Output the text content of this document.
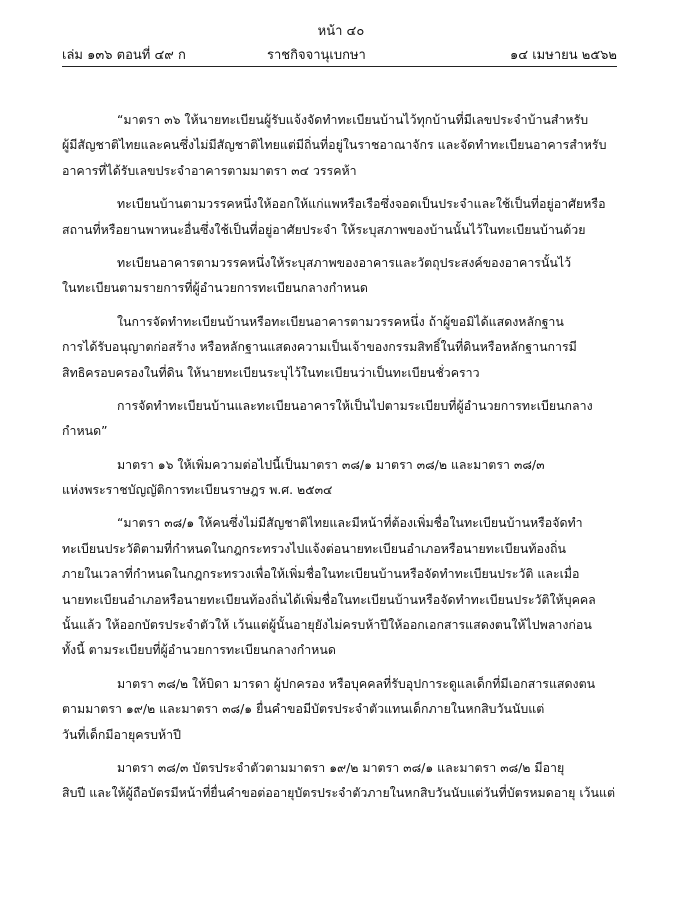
หน้า ๔๐
เล่ม ๑๓๖ ตอนที่ ๔๙ ก	ราชกิจจานุเบกษา	๑๔ เมษายน ๒๕๖๒
“มาตรา ๓๖ ให้นายทะเบียนผู้รับแจ้งจัดทำทะเบียนบ้านไว้ทุกบ้านที่มีเลขประจำบ้านสำหรับ
ผู้มีสัญชาติไทยและคนซึ่งไม่มีสัญชาติไทยแต่มีถิ่นที่อยู่ในราชอาณาจักร และจัดทำทะเบียนอาคารสำหรับ
อาคารที่ได้รับเลขประจำอาคารตามมาตรา ๓๔ วรรคห้า
ทะเบียนบ้านตามวรรคหนึ่งให้ออกให้แก่แพหรือเรือซึ่งจอดเป็นประจำและใช้เป็นที่อยู่อาศัยหรือ
สถานที่หรือยานพาหนะอื่นซึ่งใช้เป็นที่อยู่อาศัยประจำ ให้ระบุสภาพของบ้านนั้นไว้ในทะเบียนบ้านด้วย
ทะเบียนอาคารตามวรรคหนึ่งให้ระบุสภาพของอาคารและวัตถุประสงค์ของอาคารนั้นไว้
ในทะเบียนตามรายการที่ผู้อำนวยการทะเบียนกลางกำหนด
ในการจัดทำทะเบียนบ้านหรือทะเบียนอาคารตามวรรคหนึ่ง ถ้าผู้ขอมิได้แสดงหลักฐาน
การได้รับอนุญาตก่อสร้าง หรือหลักฐานแสดงความเป็นเจ้าของกรรมสิทธิ์ในที่ดินหรือหลักฐานการมี
สิทธิครอบครองในที่ดิน ให้นายทะเบียนระบุไว้ในทะเบียนว่าเป็นทะเบียนชั่วคราว
การจัดทำทะเบียนบ้านและทะเบียนอาคารให้เป็นไปตามระเบียบที่ผู้อำนวยการทะเบียนกลาง
กำหนด”
มาตรา ๑๖ ให้เพิ่มความต่อไปนี้เป็นมาตรา ๓๘/๑ มาตรา ๓๘/๒ และมาตรา ๓๘/๓
แห่งพระราชบัญญัติการทะเบียนราษฎร พ.ศ. ๒๕๓๔
“มาตรา ๓๘/๑ ให้คนซึ่งไม่มีสัญชาติไทยและมีหน้าที่ต้องเพิ่มชื่อในทะเบียนบ้านหรือจัดทำ
ทะเบียนประวัติตามที่กำหนดในกฎกระทรวงไปแจ้งต่อนายทะเบียนอำเภอหรือนายทะเบียนท้องถิ่น
ภายในเวลาที่กำหนดในกฎกระทรวงเพื่อให้เพิ่มชื่อในทะเบียนบ้านหรือจัดทำทะเบียนประวัติ และเมื่อ
นายทะเบียนอำเภอหรือนายทะเบียนท้องถิ่นได้เพิ่มชื่อในทะเบียนบ้านหรือจัดทำทะเบียนประวัติให้บุคคล
นั้นแล้ว ให้ออกบัตรประจำตัวให้ เว้นแต่ผู้นั้นอายุยังไม่ครบห้าปีให้ออกเอกสารแสดงตนให้ไปพลางก่อน
ทั้งนี้ ตามระเบียบที่ผู้อำนวยการทะเบียนกลางกำหนด
มาตรา ๓๘/๒ ให้บิดา มารดา ผู้ปกครอง หรือบุคคลที่รับอุปการะดูแลเด็กที่มีเอกสารแสดงตน
ตามมาตรา ๑๙/๒ และมาตรา ๓๘/๑ ยื่นคำขอมีบัตรประจำตัวแทนเด็กภายในหกสิบวันนับแต่
วันที่เด็กมีอายุครบห้าปี
มาตรา ๓๘/๓ บัตรประจำตัวตามมาตรา ๑๙/๒ มาตรา ๓๘/๑ และมาตรา ๓๘/๒ มีอายุ
สิบปี และให้ผู้ถือบัตรมีหน้าที่ยื่นคำขอต่ออายุบัตรประจำตัวภายในหกสิบวันนับแต่วันที่บัตรหมดอายุ เว้นแต่
